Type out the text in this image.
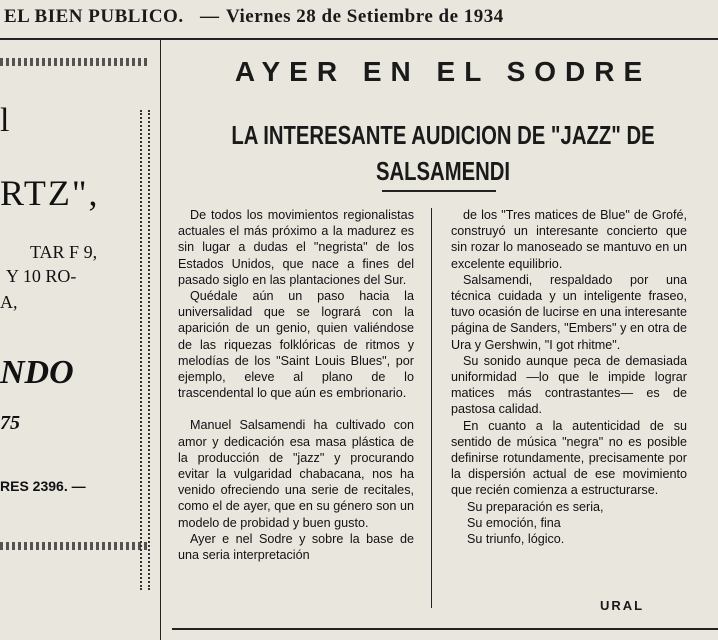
EL BIEN PUBLICO. — Viernes 28 de Setiembre de 1934
l
RTZ",
TAR F 9,
Y 10 RO-
A,
NDO
75
RES 2396. —
AYER EN EL SODRE
LA INTERESANTE AUDICION DE "JAZZ" DE
SALSAMENDI

De todos los movimientos regionalistas actuales el más próximo a la madurez es sin lugar a dudas el "negrista" de los Estados Unidos, que nace a fines del pasado siglo en las plantaciones del Sur.

Quédale aún un paso hacia la universalidad que se logrará con la aparición de un genio, quien valiéndose de las riquezas folklóricas de ritmos y melodías de los "Saint Louis Blues", por ejemplo, eleve al plano de lo trascendental lo que aún es embrionario.

Manuel Salsamendi ha cultivado con amor y dedicación esa masa plástica de la producción de "jazz" y procurando evitar la vulgaridad chabacana, nos ha venido ofreciendo una serie de recitales, como el de ayer, que en su género son un modelo de probidad y buen gusto.

Ayer e nel Sodre y sobre la base de una seria interpretación

de los "Tres matices de Blue" de Grofé, construyó un interesante concierto que sin rozar lo manoseado se mantuvo en un excelente equilibrio.

Salsamendi, respaldado por una técnica cuidada y un inteligente fraseo, tuvo ocasión de lucirse en una interesante página de Sanders, "Embers" y en otra de Ura y Gershwin, "I got rhitme".

Su sonido aunque peca de demasiada uniformidad —lo que le impide lograr matices más contrastantes— es de pastosa calidad.

En cuanto a la autenticidad de su sentido de música "negra" no es posible definirse rotundamente, precisamente por la dispersión actual de ese movimiento que recién comienza a estructurarse.

Su preparación es seria,

Su emoción, fina

Su triunfo, lógico.

URAL
